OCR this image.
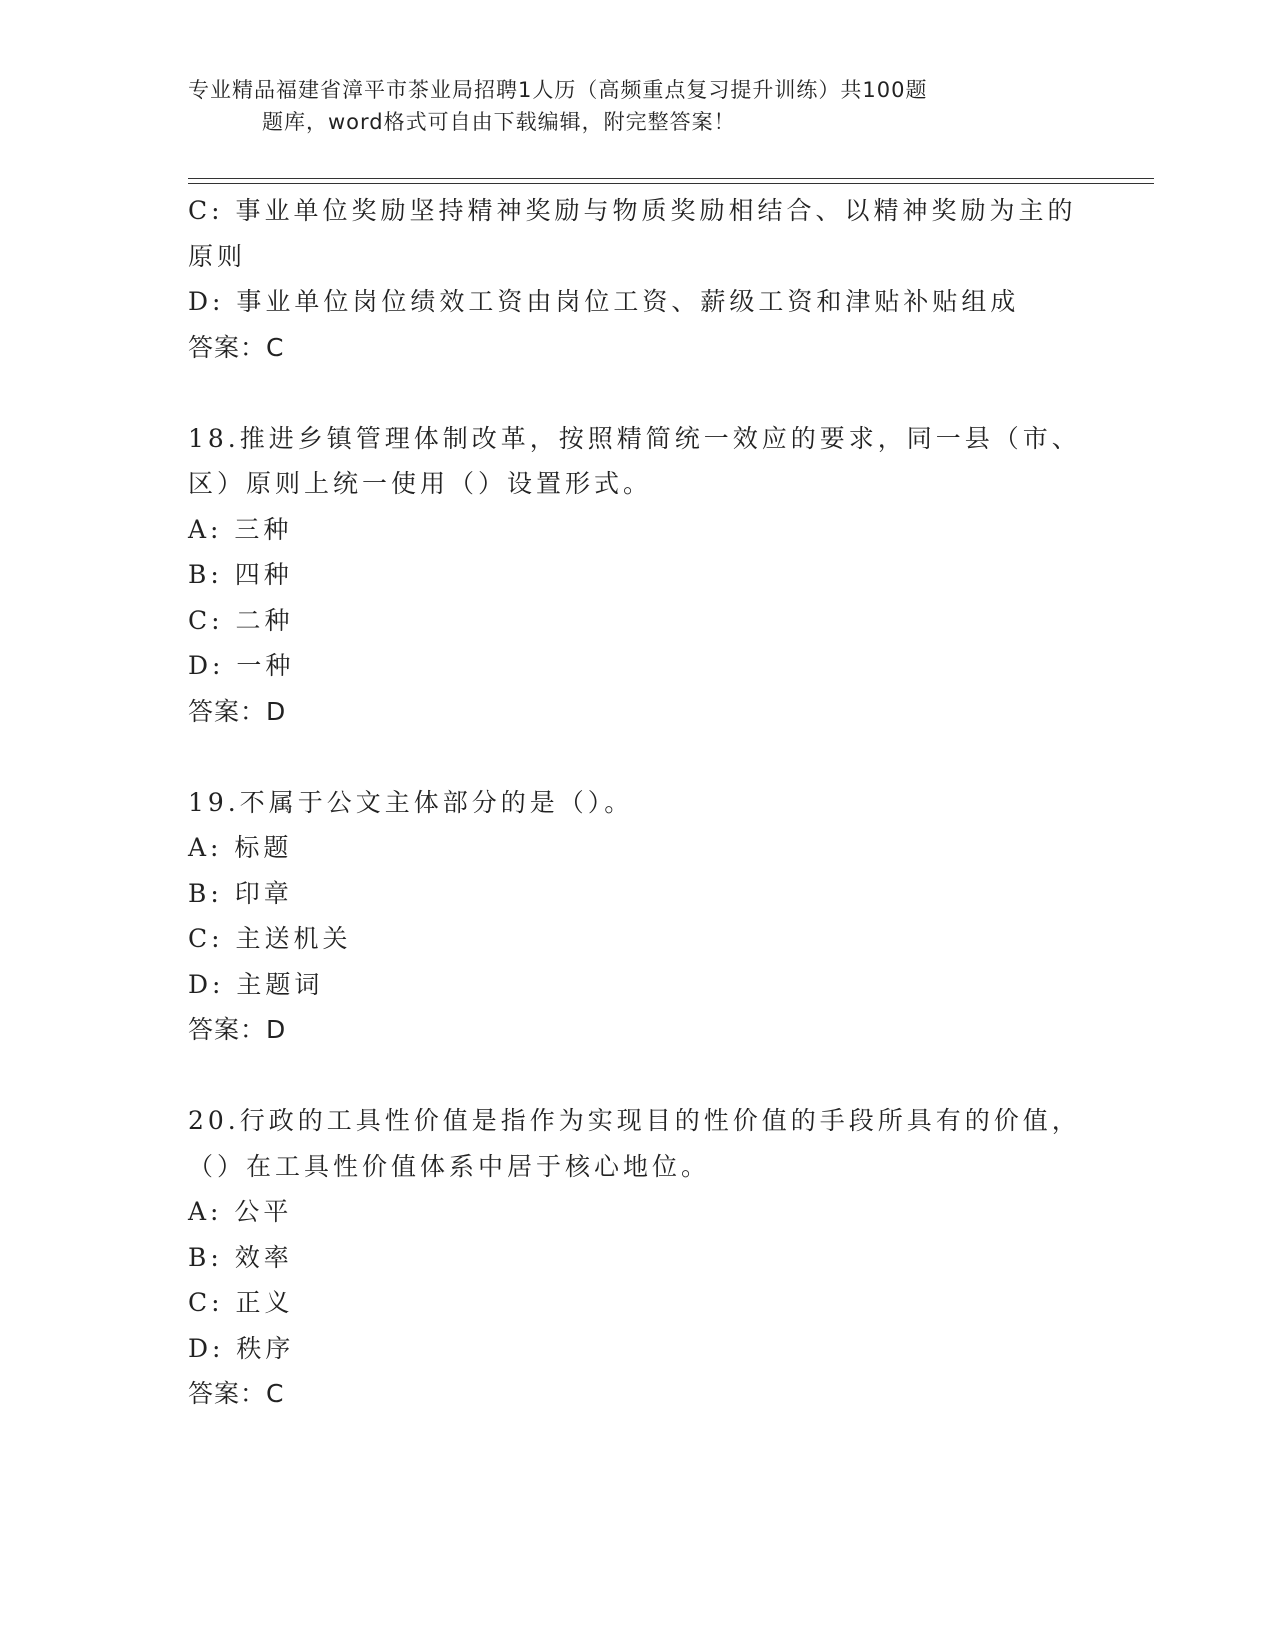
专业精品福建省漳平市茶业局招聘1人历（高频重点复习提升训练）共100题
题库，word格式可自由下载编辑，附完整答案！
C: 事业单位奖励坚持精神奖励与物质奖励相结合、以精神奖励为主的
原则
D: 事业单位岗位绩效工资由岗位工资、薪级工资和津贴补贴组成
答案：C
18.推进乡镇管理体制改革，按照精简统一效应的要求，同一县（市、
区）原则上统一使用（）设置形式。
A: 三种
B: 四种
C: 二种
D: 一种
答案：D
19.不属于公文主体部分的是（）。
A: 标题
B: 印章
C: 主送机关
D: 主题词
答案：D
20.行政的工具性价值是指作为实现目的性价值的手段所具有的价值，
（）在工具性价值体系中居于核心地位。
A: 公平
B: 效率
C: 正义
D: 秩序
答案：C
